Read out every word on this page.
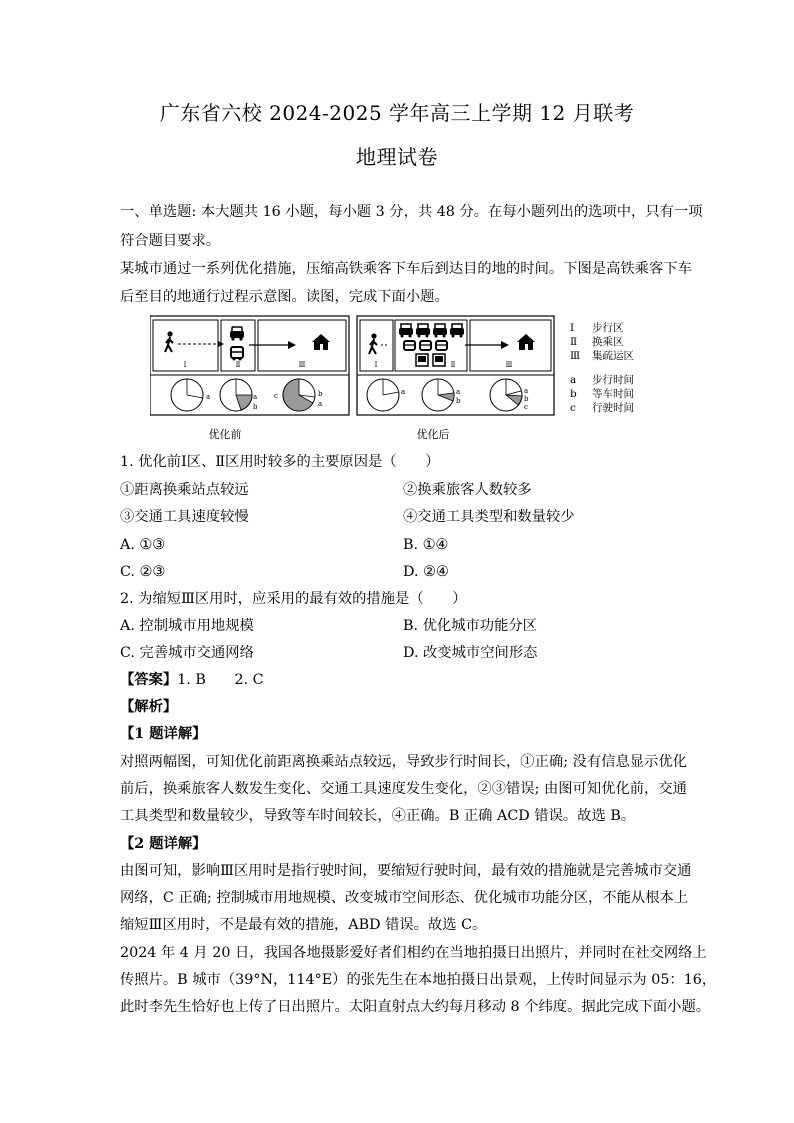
广东省六校 2024-2025 学年高三上学期 12 月联考
地理试卷
一、单选题: 本大题共 16 小题，每小题 3 分，共 48 分。在每小题列出的选项中，只有一项
符合题目要求。
某城市通过一系列优化措施，压缩高铁乘客下车后到达目的地的时间。下图是高铁乘客下车
后至目的地通行过程示意图。读图，完成下面小题。
Ⅰ	Ⅱ	Ⅲ
a	a
b
c	b
a
Ⅰ	Ⅱ	Ⅲ
a	a
b
a
b
c
Ⅰ 步行区
Ⅱ 换乘区
Ⅲ 集疏运区
a 步行时间
b 等车时间
c 行驶时间
优化前	优化后
1. 优化前Ⅰ区、Ⅱ区用时较多的主要原因是（　　）
①距离换乘站点较远	②换乘旅客人数较多
③交通工具速度较慢	④交通工具类型和数量较少
A. ①③	B. ①④
C. ②③	D. ②④
2. 为缩短Ⅲ区用时，应采用的最有效的措施是（　　）
A. 控制城市用地规模	B. 优化城市功能分区
C. 完善城市交通网络	D. 改变城市空间形态
【答案】1. B　　2. C
【解析】
【1 题详解】
对照两幅图，可知优化前距离换乘站点较远，导致步行时间长，①正确; 没有信息显示优化
前后，换乘旅客人数发生变化、交通工具速度发生变化，②③错误; 由图可知优化前，交通
工具类型和数量较少，导致等车时间较长，④正确。B 正确 ACD 错误。故选 B。
【2 题详解】
由图可知，影响Ⅲ区用时是指行驶时间，要缩短行驶时间，最有效的措施就是完善城市交通
网络，C 正确; 控制城市用地规模、改变城市空间形态、优化城市功能分区，不能从根本上
缩短Ⅲ区用时，不是最有效的措施，ABD 错误。故选 C。
2024 年 4 月 20 日，我国各地摄影爱好者们相约在当地拍摄日出照片，并同时在社交网络上
传照片。B 城市（39°N，114°E）的张先生在本地拍摄日出景观，上传时间显示为 05：16，
此时李先生恰好也上传了日出照片。太阳直射点大约每月移动 8 个纬度。据此完成下面小题。
